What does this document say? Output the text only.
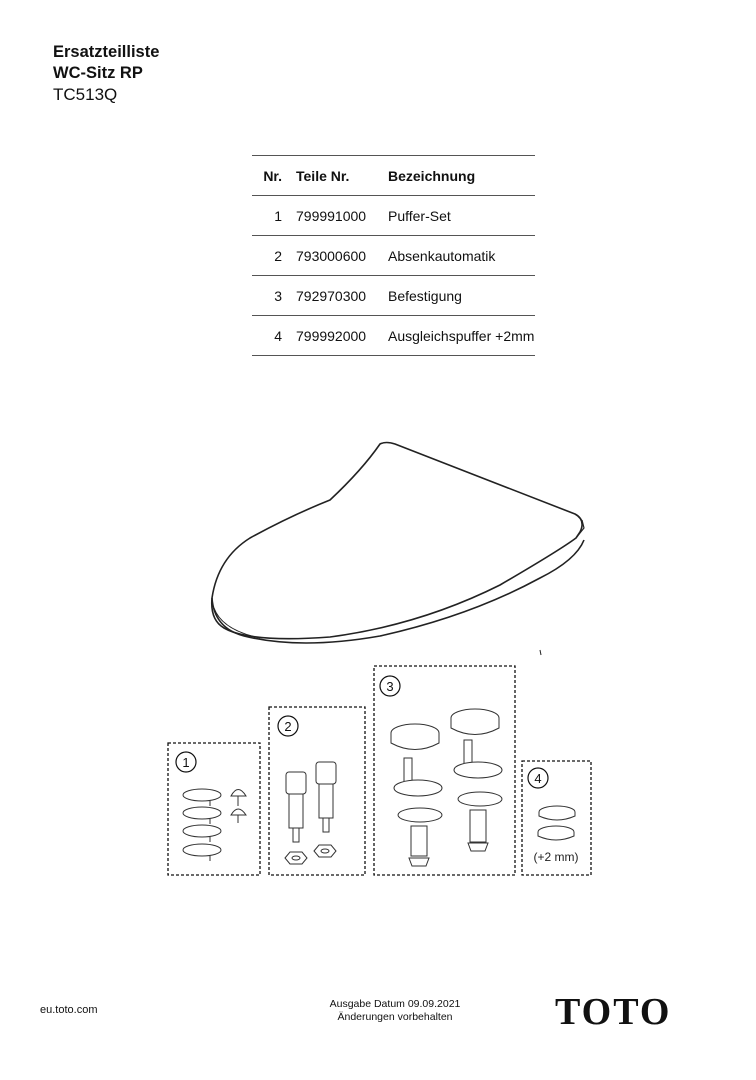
Ersatzteilliste
WC-Sitz RP
TC513Q
Nr.	Teile Nr.	Bezeichnung
1	799991000	Puffer-Set
2	793000600	Absenkautomatik
3	792970300	Befestigung
4	799992000	Ausgleichspuffer +2mm
1
2
3
4
(+2 mm)
eu.toto.com	Ausgabe Datum 09.09.2021
Änderungen vorbehalten	TOTO
